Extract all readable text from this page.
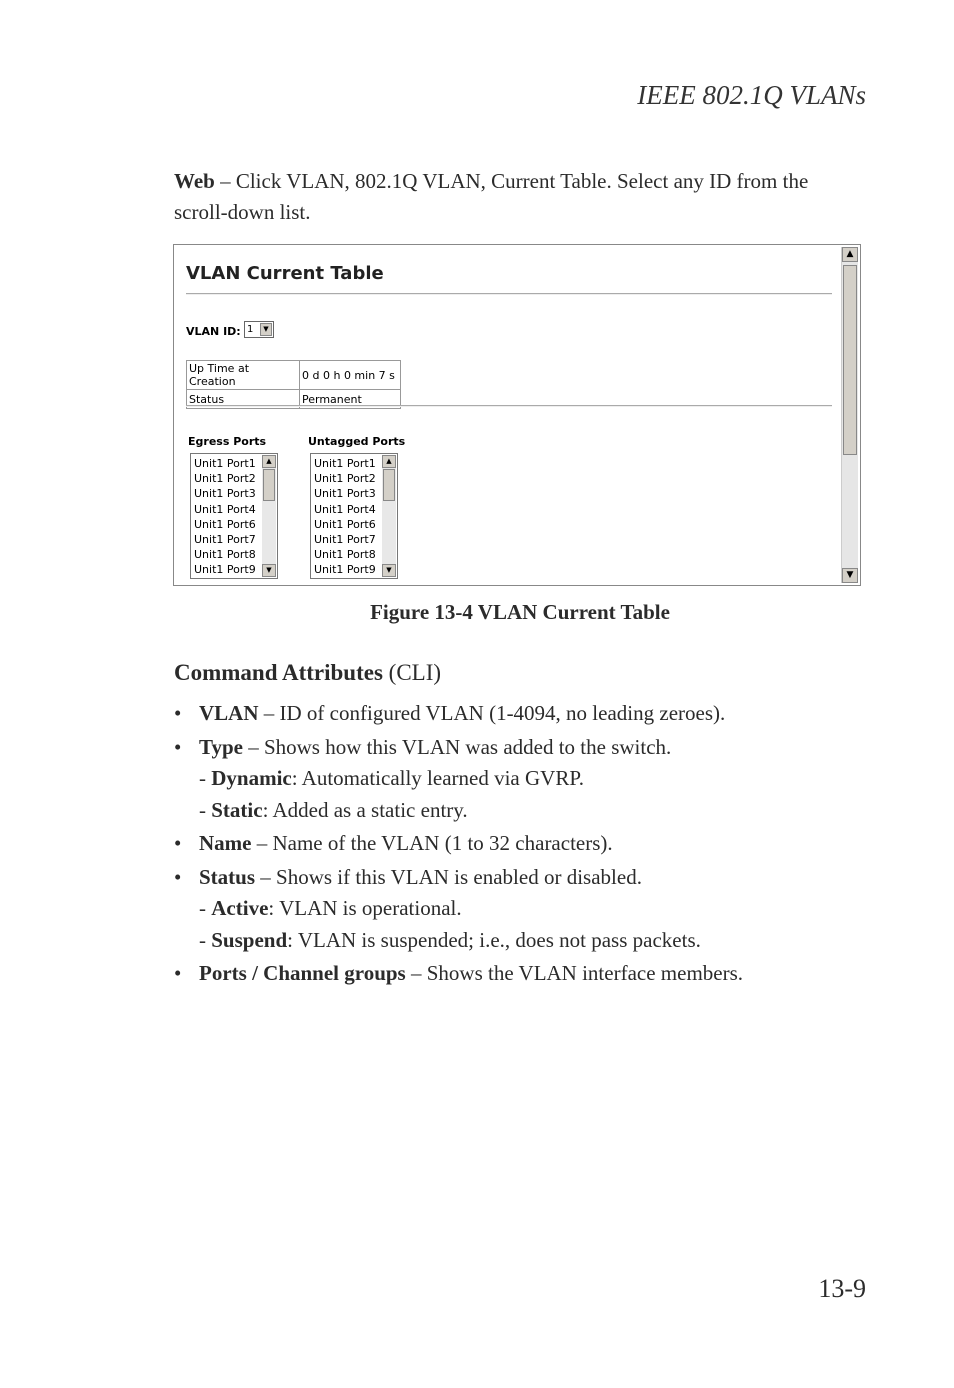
IEEE 802.1Q VLANs
Web – Click VLAN, 802.1Q VLAN, Current Table. Select any ID from the scroll-down list.
VLAN Current Table
VLAN ID: 1	▼
Up Time at Creation	0 d 0 h 0 min 7 s
Status	Permanent
Egress Ports
Unit1 Port1
Unit1 Port2
Unit1 Port3
Unit1 Port4
Unit1 Port6
Unit1 Port7
Unit1 Port8
Unit1 Port9
▲
▼
Untagged Ports
Unit1 Port1
Unit1 Port2
Unit1 Port3
Unit1 Port4
Unit1 Port6
Unit1 Port7
Unit1 Port8
Unit1 Port9
▲
▼
▲
▼
Figure 13-4 VLAN Current Table
Command Attributes (CLI)
• VLAN – ID of configured VLAN (1-4094, no leading zeroes).
• Type – Shows how this VLAN was added to the switch.
- Dynamic: Automatically learned via GVRP.
- Static: Added as a static entry.
• Name – Name of the VLAN (1 to 32 characters).
• Status – Shows if this VLAN is enabled or disabled.
- Active: VLAN is operational.
- Suspend: VLAN is suspended; i.e., does not pass packets.
• Ports / Channel groups – Shows the VLAN interface members.
13-9
